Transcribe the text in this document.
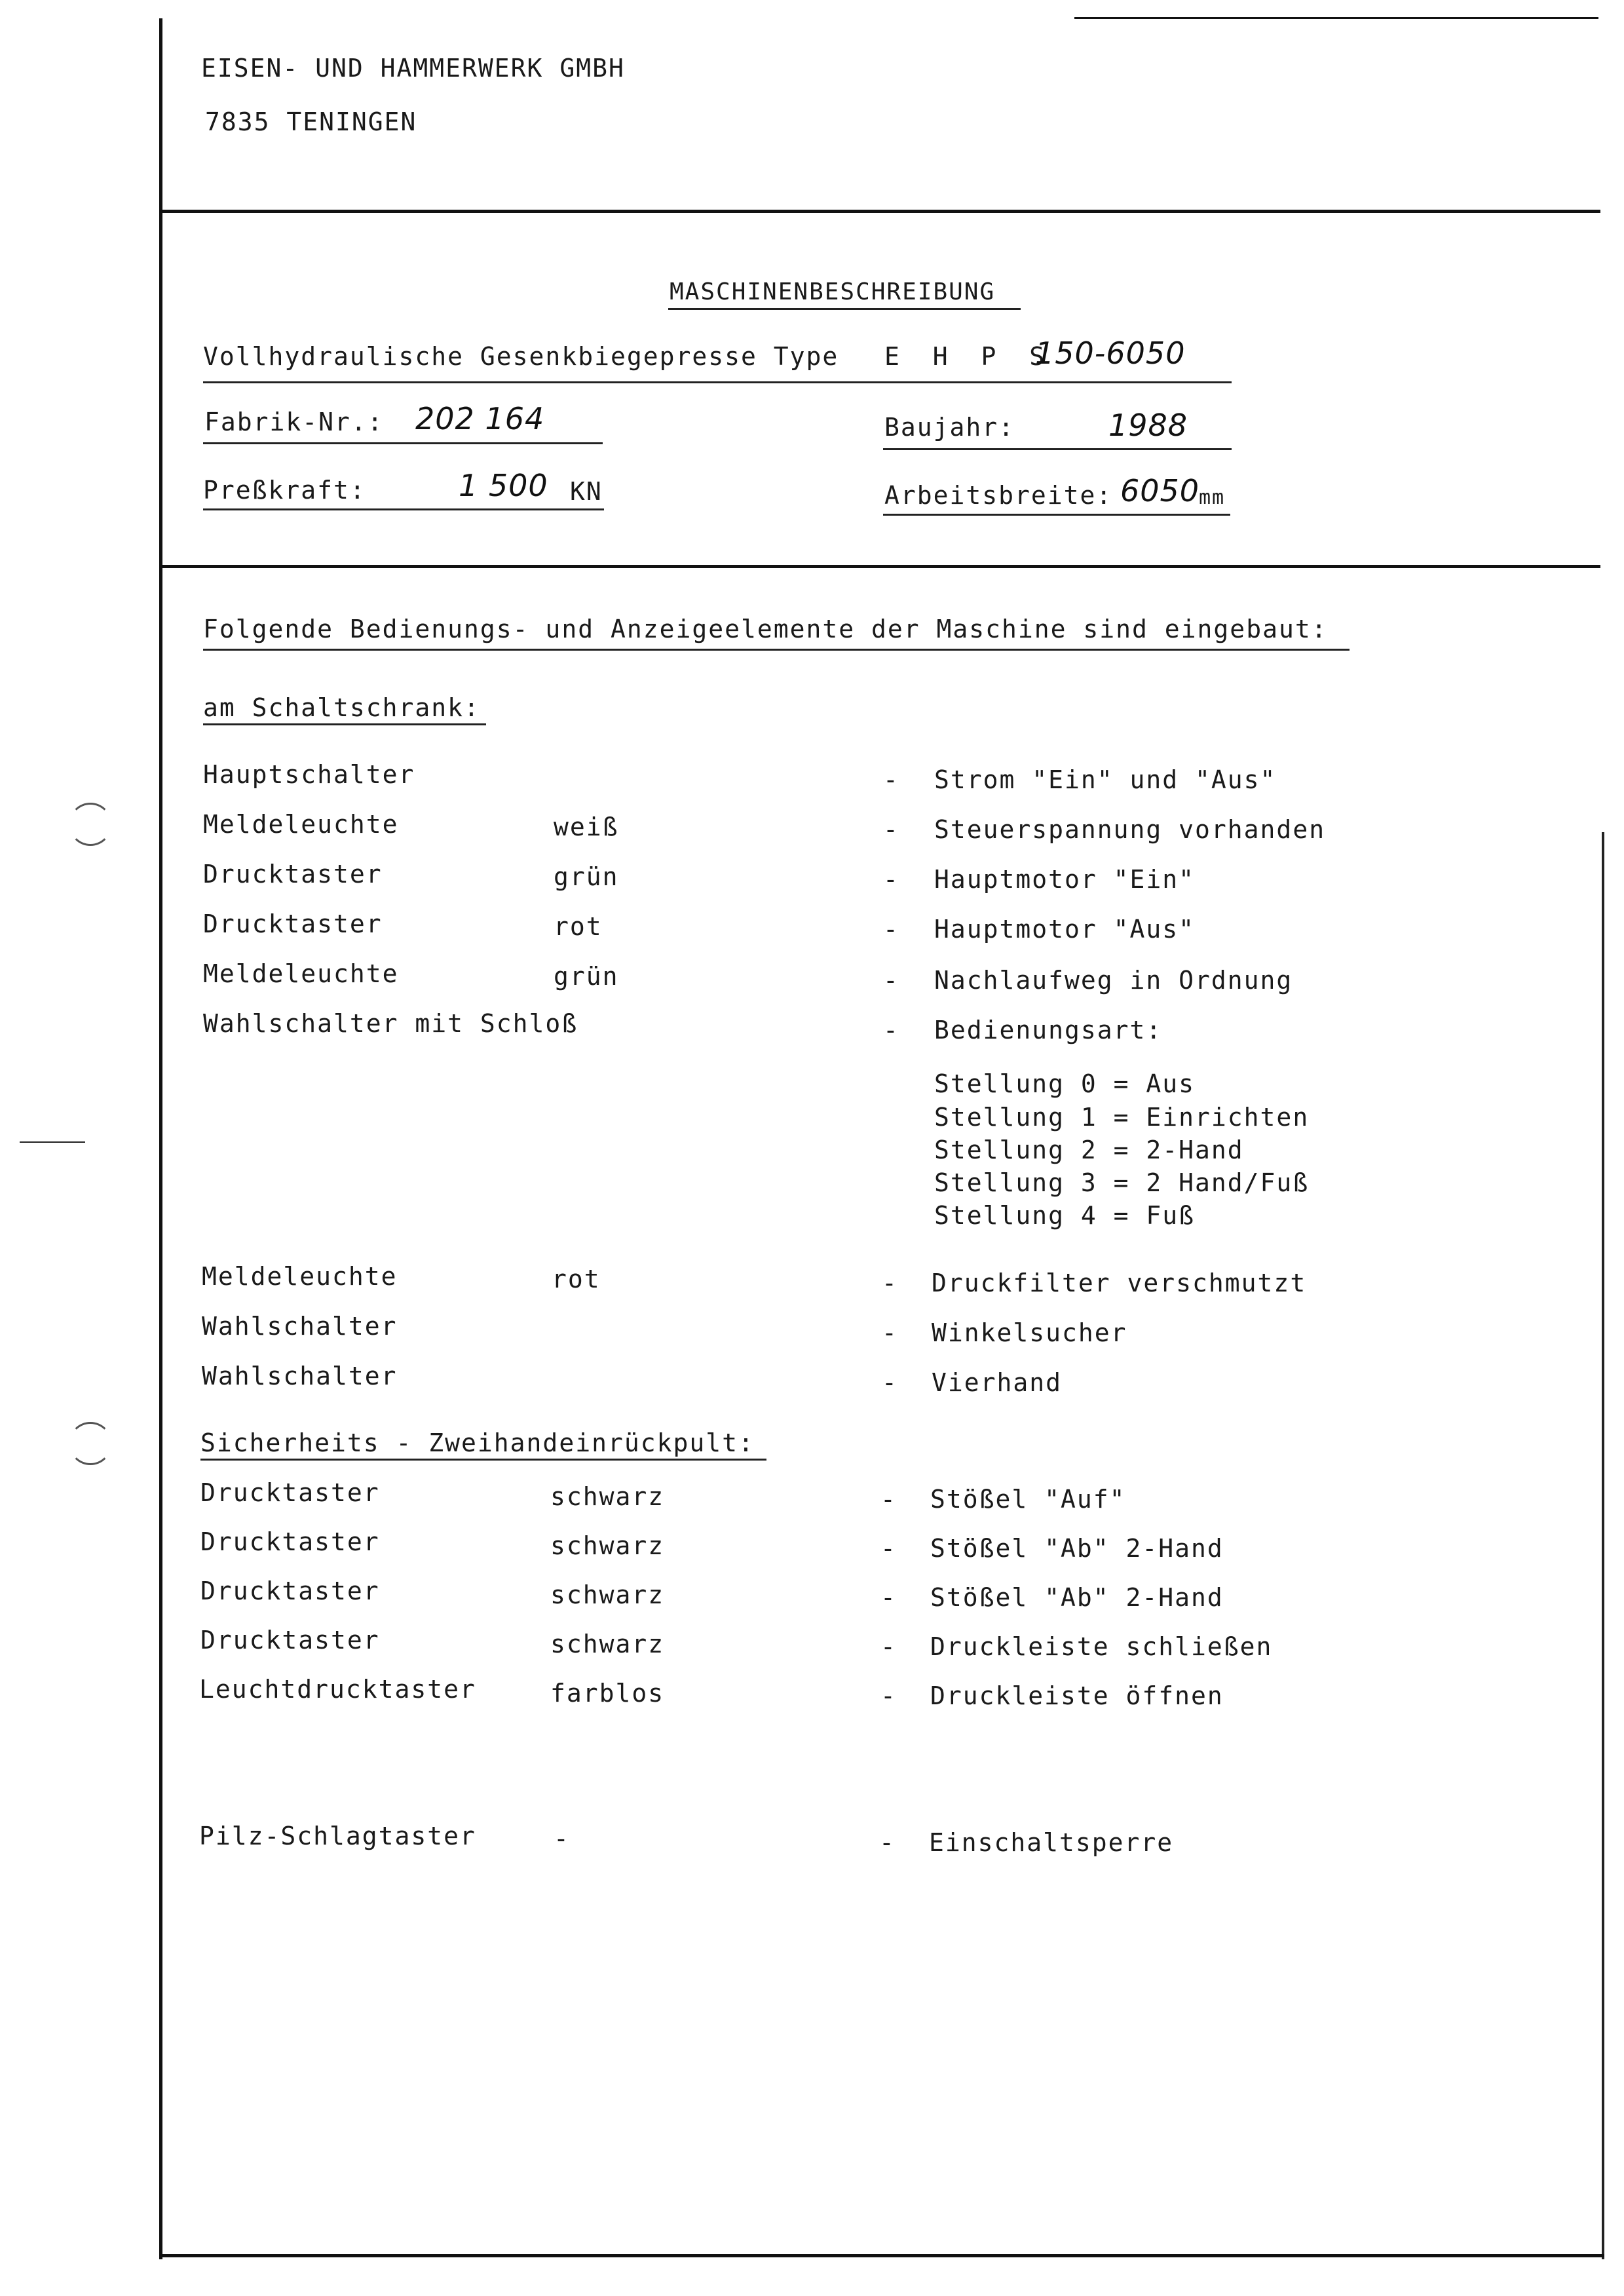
EISEN- UND HAMMERWERK GMBH
7835 TENINGEN
MASCHINENBESCHREIBUNG
Vollhydraulische Gesenkbiegepresse Type E H P S
150-6050
Fabrik-Nr.: 202 164	Baujahr:	1988
Preßkraft:	1 500 KN	Arbeitsbreite: 6050
mm
Folgende Bedienungs- und Anzeigeelemente der Maschine sind eingebaut:
am Schaltschrank:
Hauptschalter	- Strom "Ein" und "Aus"
Meldeleuchte	weiß	- Steuerspannung vorhanden
Drucktaster	grün	- Hauptmotor "Ein"
Drucktaster	rot	- Hauptmotor "Aus"
Meldeleuchte	grün	- Nachlaufweg in Ordnung
Wahlschalter mit Schloß	- Bedienungsart:
Stellung 0 = Aus
Stellung 1 = Einrichten
Stellung 2 = 2-Hand
Stellung 3 = 2 Hand/Fuß
Stellung 4 = Fuß
Meldeleuchte	rot	- Druckfilter verschmutzt
Wahlschalter	- Winkelsucher
Wahlschalter	- Vierhand
Sicherheits - Zweihandeinrückpult:
Drucktaster	schwarz	- Stößel "Auf"
Drucktaster	schwarz	- Stößel "Ab" 2-Hand
Drucktaster	schwarz	- Stößel "Ab" 2-Hand
Drucktaster	schwarz	- Druckleiste schließen
Leuchtdrucktaster	farblos	- Druckleiste öffnen
Pilz-Schlagtaster	-	- Einschaltsperre
